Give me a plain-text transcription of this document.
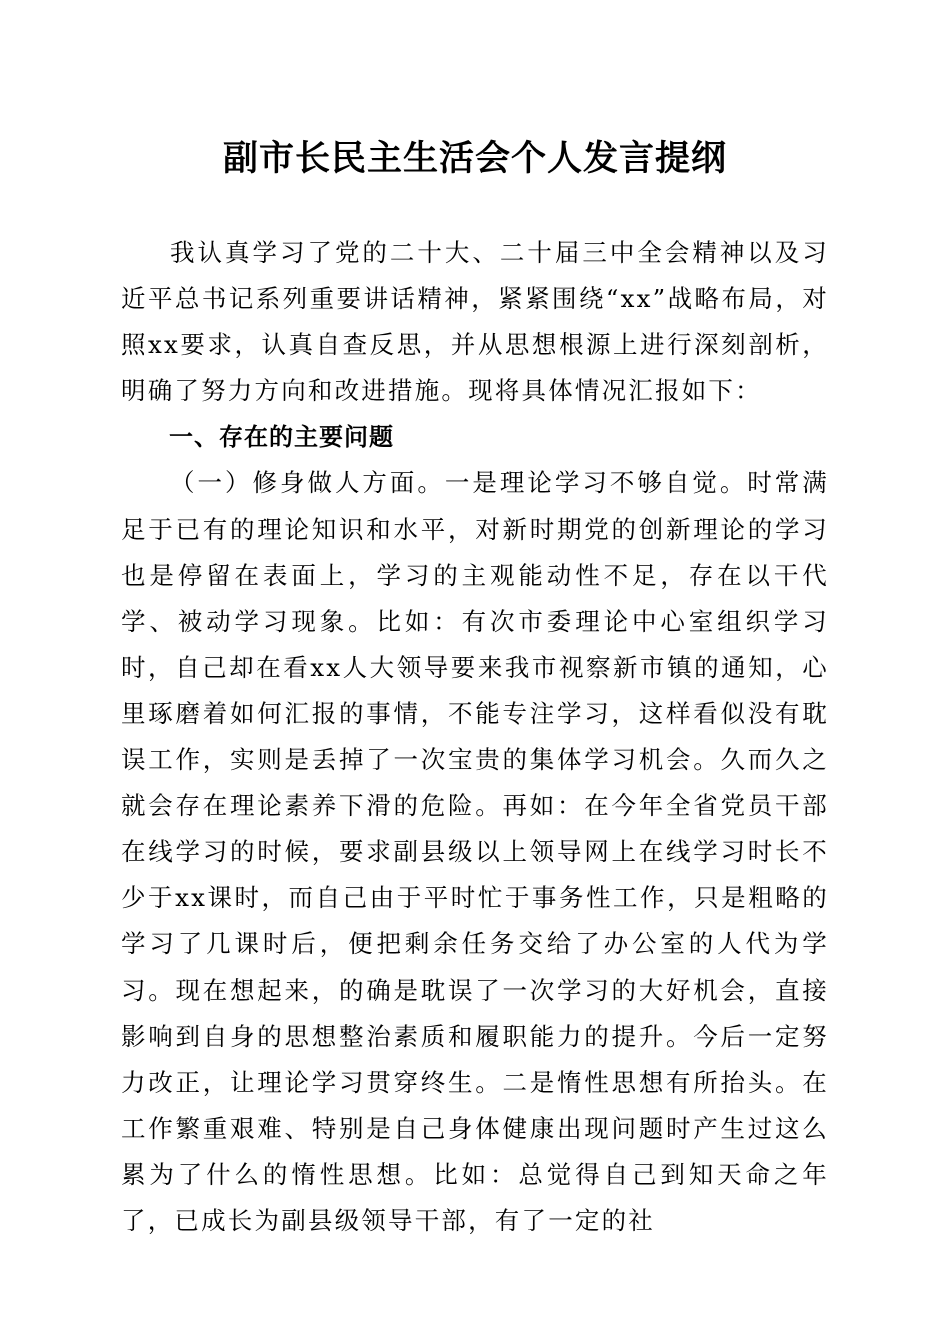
副市长民主生活会个人发言提纲

我认真学习了党的二十大、二十届三中全会精神以及习近平总书记系列重要讲话精神，紧紧围绕“xx”战略布局，对照xx要求，认真自查反思，并从思想根源上进行深刻剖析，明确了努力方向和改进措施。现将具体情况汇报如下：

一、存在的主要问题

（一）修身做人方面。一是理论学习不够自觉。时常满足于已有的理论知识和水平，对新时期党的创新理论的学习也是停留在表面上，学习的主观能动性不足，存在以干代学、被动学习现象。比如：有次市委理论中心室组织学习时，自己却在看xx人大领导要来我市视察新市镇的通知，心里琢磨着如何汇报的事情，不能专注学习，这样看似没有耽误工作，实则是丢掉了一次宝贵的集体学习机会。久而久之就会存在理论素养下滑的危险。再如：在今年全省党员干部在线学习的时候，要求副县级以上领导网上在线学习时长不少于xx课时，而自己由于平时忙于事务性工作，只是粗略的学习了几课时后，便把剩余任务交给了办公室的人代为学习。现在想起来，的确是耽误了一次学习的大好机会，直接影响到自身的思想整治素质和履职能力的提升。今后一定努力改正，让理论学习贯穿终生。二是惰性思想有所抬头。在工作繁重艰难、特别是自己身体健康出现问题时产生过这么累为了什么的惰性思想。比如：总觉得自己到知天命之年了，已成长为副县级领导干部，有了一定的社
